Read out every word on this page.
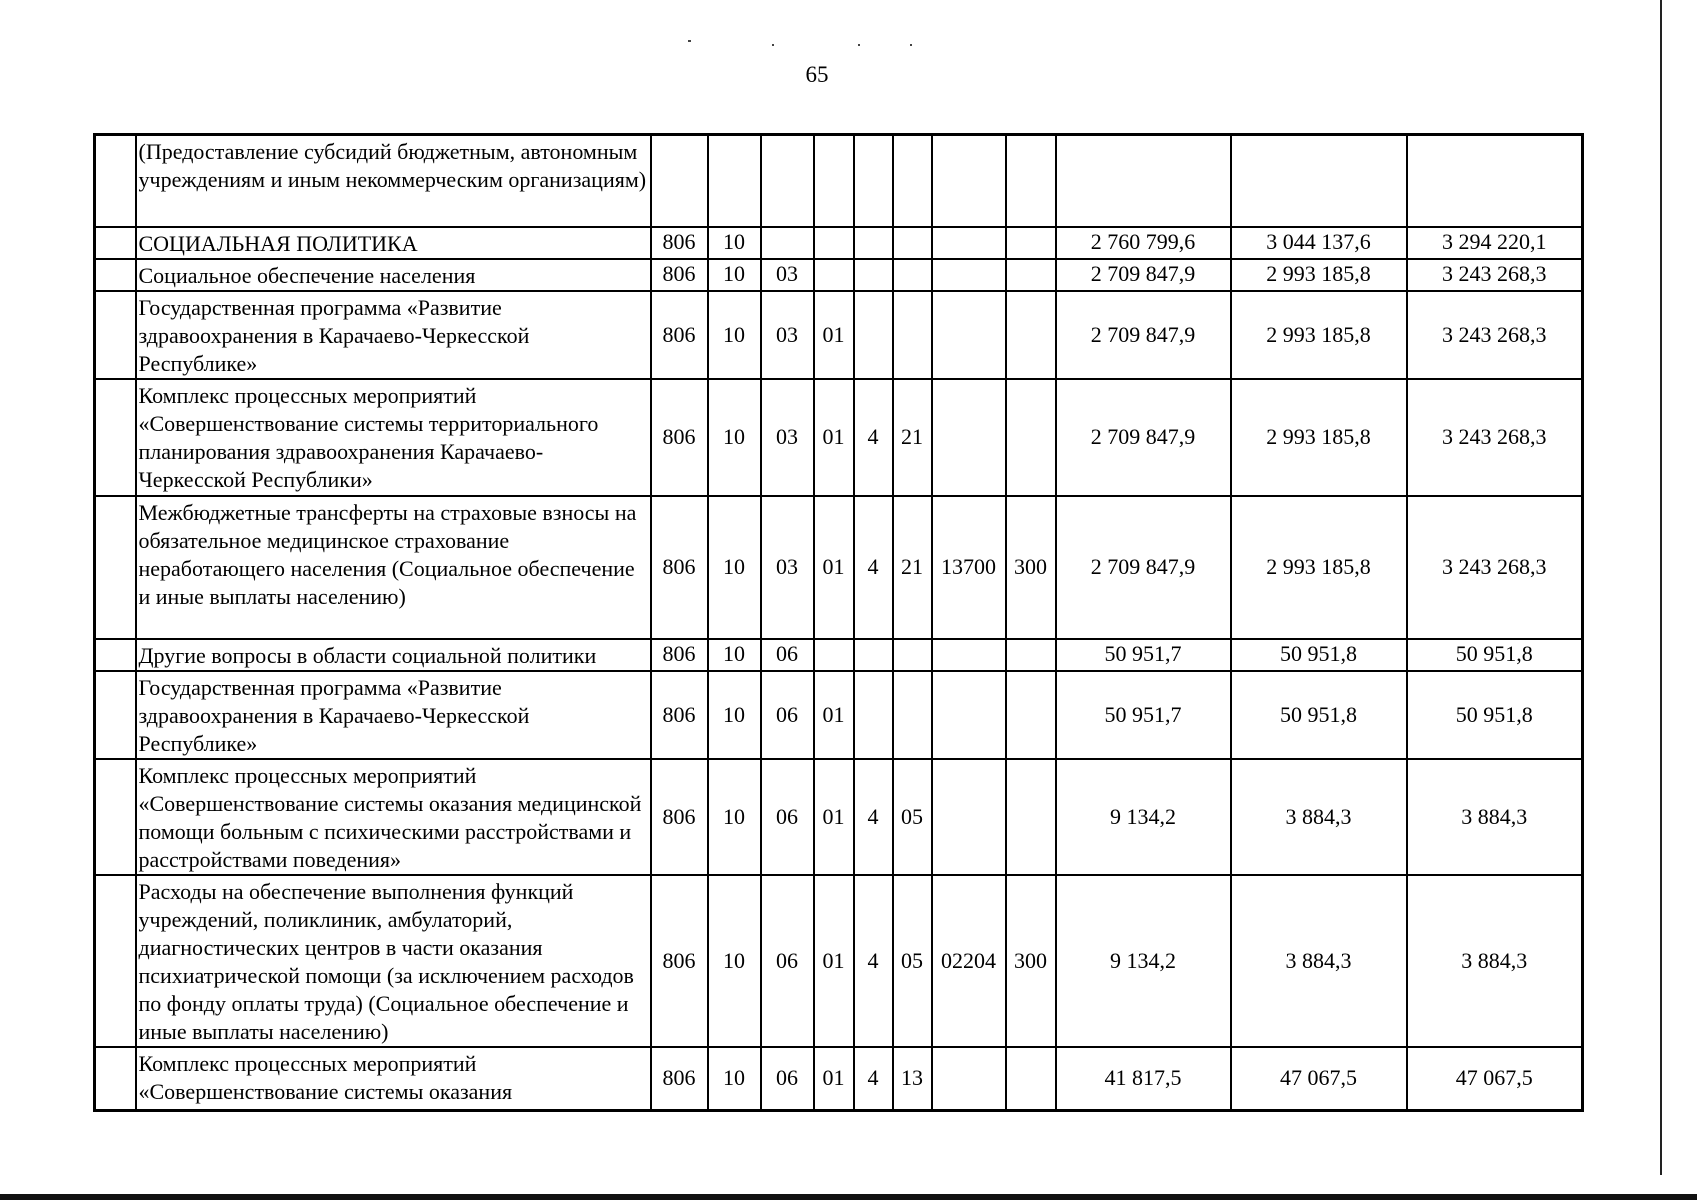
65
	(Предоставление субсидий бюджетным, автономным учреждениям и иным некоммерческим организациям)											
	СОЦИАЛЬНАЯ ПОЛИТИКА	806	10							2 760 799,6	3 044 137,6	3 294 220,1
	Социальное обеспечение населения	806	10	03						2 709 847,9	2 993 185,8	3 243 268,3
	Государственная программа «Развитие здравоохранения в Карачаево-Черкесской Республике»	806	10	03	01					2 709 847,9	2 993 185,8	3 243 268,3
	Комплекс процессных мероприятий «Совершенствование системы территориального планирования здравоохранения Карачаево-Черкесской Республики»	806	10	03	01	4	21			2 709 847,9	2 993 185,8	3 243 268,3
	Межбюджетные трансферты на страховые взносы на обязательное медицинское страхование неработающего населения (Социальное обеспечение и иные выплаты населению)	806	10	03	01	4	21	13700	300	2 709 847,9	2 993 185,8	3 243 268,3
	Другие вопросы в области социальной политики	806	10	06						50 951,7	50 951,8	50 951,8
	Государственная программа «Развитие здравоохранения в Карачаево-Черкесской Республике»	806	10	06	01					50 951,7	50 951,8	50 951,8
	Комплекс процессных мероприятий «Совершенствование системы оказания медицинской помощи больным с психическими расстройствами и расстройствами поведения»	806	10	06	01	4	05			9 134,2	3 884,3	3 884,3
	Расходы на обеспечение выполнения функций учреждений, поликлиник, амбулаторий, диагностических центров в части оказания психиатрической помощи (за исключением расходов по фонду оплаты труда) (Социальное обеспечение и иные выплаты населению)	806	10	06	01	4	05	02204	300	9 134,2	3 884,3	3 884,3
	Комплекс процессных мероприятий «Совершенствование системы оказания	806	10	06	01	4	13			41 817,5	47 067,5	47 067,5
